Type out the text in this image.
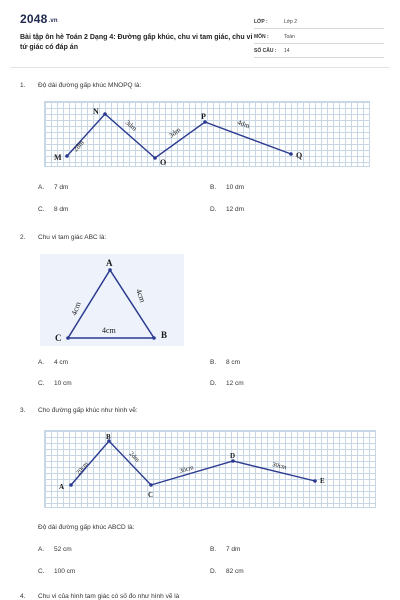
2048.vn
Bài tập ôn hè Toán 2 Dạng 4: Đường gấp khúc, chu vi tam giác, chu vi tứ giác có đáp án
LỚP :	Lớp 2
MÔN :	Toán
SỐ CÂU : 14
1. Độ dài đường gấp khúc MNOPQ là:
M
N
O
P
Q
2dm
3dm
3dm
4dm
A. 7 dm	B. 10 dm
C. 8 dm	D. 12 dm
2. Chu vi tam giác ABC là:
A
C	B
4cm
4cm
4cm
A. 4 cm	B. 8 cm
C. 10 cm	D. 12 cm
3. Cho đường gấp khúc như hình vẽ:
A
B
C
D
E
20cm
2dm
30cm	30cm
Độ dài đường gấp khúc ABCD là:
A. 52 cm	B. 7 dm
C. 100 cm	D. 82 cm
4. Chu vi của hình tam giác có số đo như hình vẽ là
